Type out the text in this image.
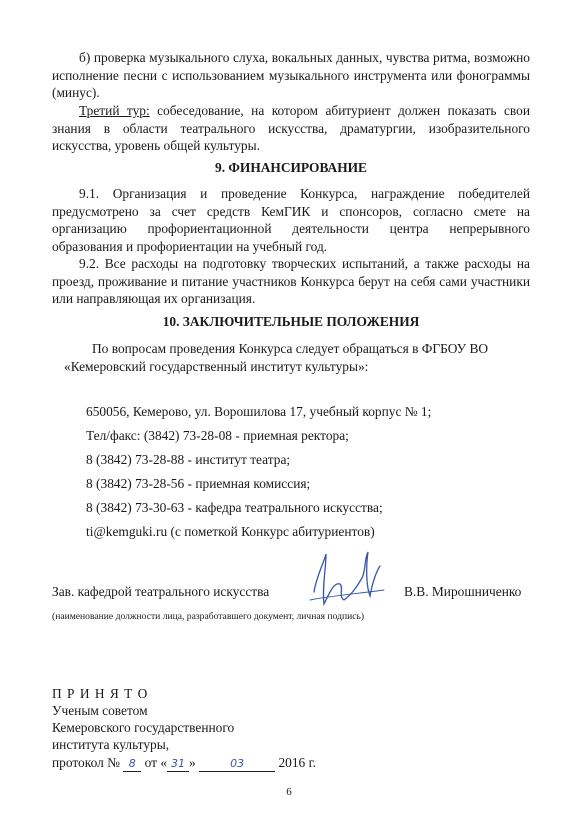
б) проверка музыкального слуха, вокальных данных, чувства ритма, возможно исполнение песни с использованием музыкального инструмента или фонограммы (минус).
Третий тур: собеседование, на котором абитуриент должен показать свои знания в области театрального искусства, драматургии, изобразительного искусства, уровень общей культуры.
9. ФИНАНСИРОВАНИЕ
9.1. Организация и проведение Конкурса, награждение победителей предусмотрено за счет средств КемГИК и спонсоров, согласно смете на организацию профориентационной деятельности центра непрерывного образования и профориентации на учебный год.
9.2. Все расходы на подготовку творческих испытаний, а также расходы на проезд, проживание и питание участников Конкурса берут на себя сами участники или направляющая их организация.
10. ЗАКЛЮЧИТЕЛЬНЫЕ ПОЛОЖЕНИЯ
По вопросам проведения Конкурса следует обращаться в ФГБОУ ВО «Кемеровский государственный институт культуры»:
650056, Кемерово, ул. Ворошилова 17, учебный корпус № 1;
Тел/факс: (3842) 73-28-08 - приемная ректора;
8 (3842) 73-28-88 - институт театра;
8 (3842) 73-28-56 - приемная комиссия;
8 (3842) 73-30-63 - кафедра театрального искусства;
ti@kemguki.ru (с пометкой Конкурс абитуриентов)
Зав. кафедрой театрального искусства	В.В. Мирошниченко
(наименование должности лица, разработавшего документ, личная подпись)
П Р И Н Я Т О
Ученым советом
Кемеровского государственного
института культуры,
протокол № 8 от « 31 »	03	2016 г.
6
